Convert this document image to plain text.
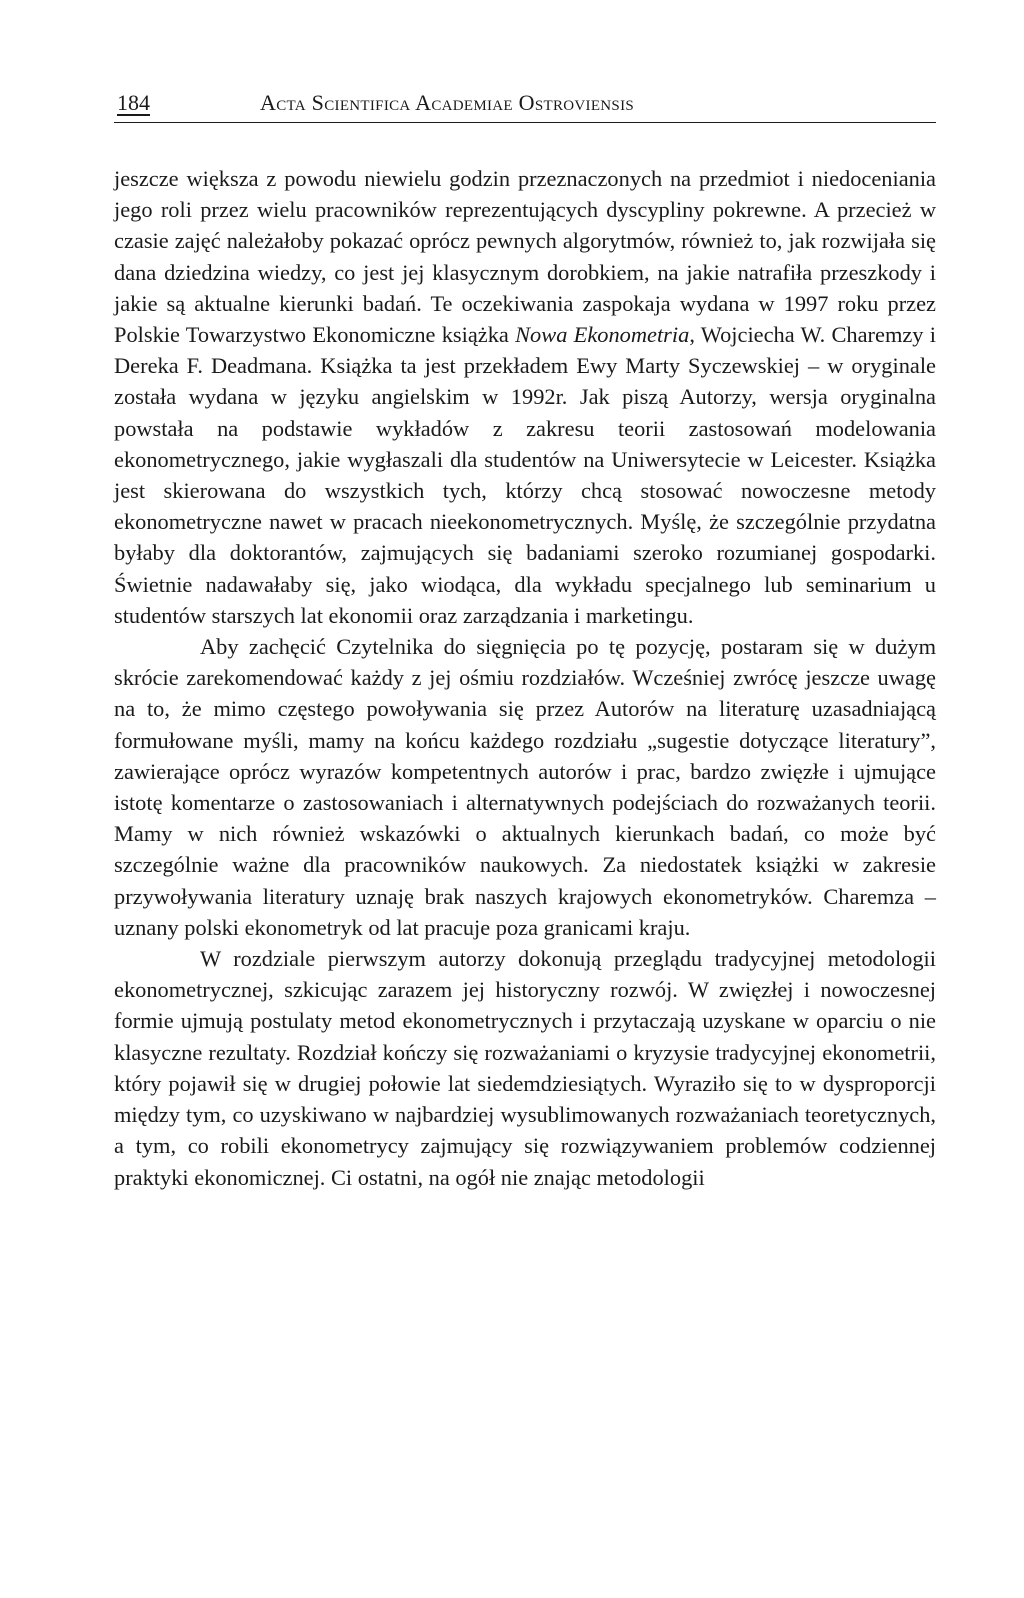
184	Acta Scientifica Academiae Ostroviensis

jeszcze większa z powodu niewielu godzin przeznaczonych na przedmiot i niedoceniania jego roli przez wielu pracowników reprezentujących dyscypliny pokrewne. A przecież w czasie zajęć należałoby pokazać oprócz pewnych algorytmów, również to, jak rozwijała się dana dziedzina wiedzy, co jest jej klasycznym dorobkiem, na jakie natrafiła przeszkody i jakie są aktualne kierunki badań. Te oczekiwania zaspokaja wydana w 1997 roku przez Polskie Towarzystwo Ekonomiczne książka Nowa Ekonometria, Wojciecha W. Charemzy i Dereka F. Deadmana. Książka ta jest przekładem Ewy Marty Syczewskiej – w oryginale została wydana w języku angielskim w 1992r. Jak piszą Autorzy, wersja oryginalna powstała na podstawie wykładów z zakresu teorii zastosowań modelowania ekonometrycznego, jakie wygłaszali dla studentów na Uniwersytecie w Leicester. Książka jest skierowana do wszystkich tych, którzy chcą stosować nowoczesne metody ekonometryczne nawet w pracach nieekonometrycznych. Myślę, że szczególnie przydatna byłaby dla doktorantów, zajmujących się badaniami szeroko rozumianej gospodarki. Świetnie nadawałaby się, jako wiodąca, dla wykładu specjalnego lub seminarium u studentów starszych lat ekonomii oraz zarządzania i marketingu.

Aby zachęcić Czytelnika do sięgnięcia po tę pozycję, postaram się w dużym skrócie zarekomendować każdy z jej ośmiu rozdziałów. Wcześniej zwrócę jeszcze uwagę na to, że mimo częstego powoływania się przez Autorów na literaturę uzasadniającą formułowane myśli, mamy na końcu każdego rozdziału „sugestie dotyczące literatury”, zawierające oprócz wyrazów kompetentnych autorów i prac, bardzo zwięzłe i ujmujące istotę komentarze o zastosowaniach i alternatywnych podejściach do rozważanych teorii. Mamy w nich również wskazówki o aktualnych kierunkach badań, co może być szczególnie ważne dla pracowników naukowych. Za niedostatek książki w zakresie przywoływania literatury uznaję brak naszych krajowych ekonometryków. Charemza – uznany polski ekonometryk od lat pracuje poza granicami kraju.

W rozdziale pierwszym autorzy dokonują przeglądu tradycyjnej metodologii ekonometrycznej, szkicując zarazem jej historyczny rozwój. W zwięzłej i nowoczesnej formie ujmują postulaty metod ekonometrycznych i przytaczają uzyskane w oparciu o nie klasyczne rezultaty. Rozdział kończy się rozważaniami o kryzysie tradycyjnej ekonometrii, który pojawił się w drugiej połowie lat siedemdziesiątych. Wyraziło się to w dysproporcji między tym, co uzyskiwano w najbardziej wysublimowanych rozważaniach teoretycznych, a tym, co robili ekonometrycy zajmujący się rozwiązywaniem problemów codziennej praktyki ekonomicznej. Ci ostatni, na ogół nie znając metodologii
